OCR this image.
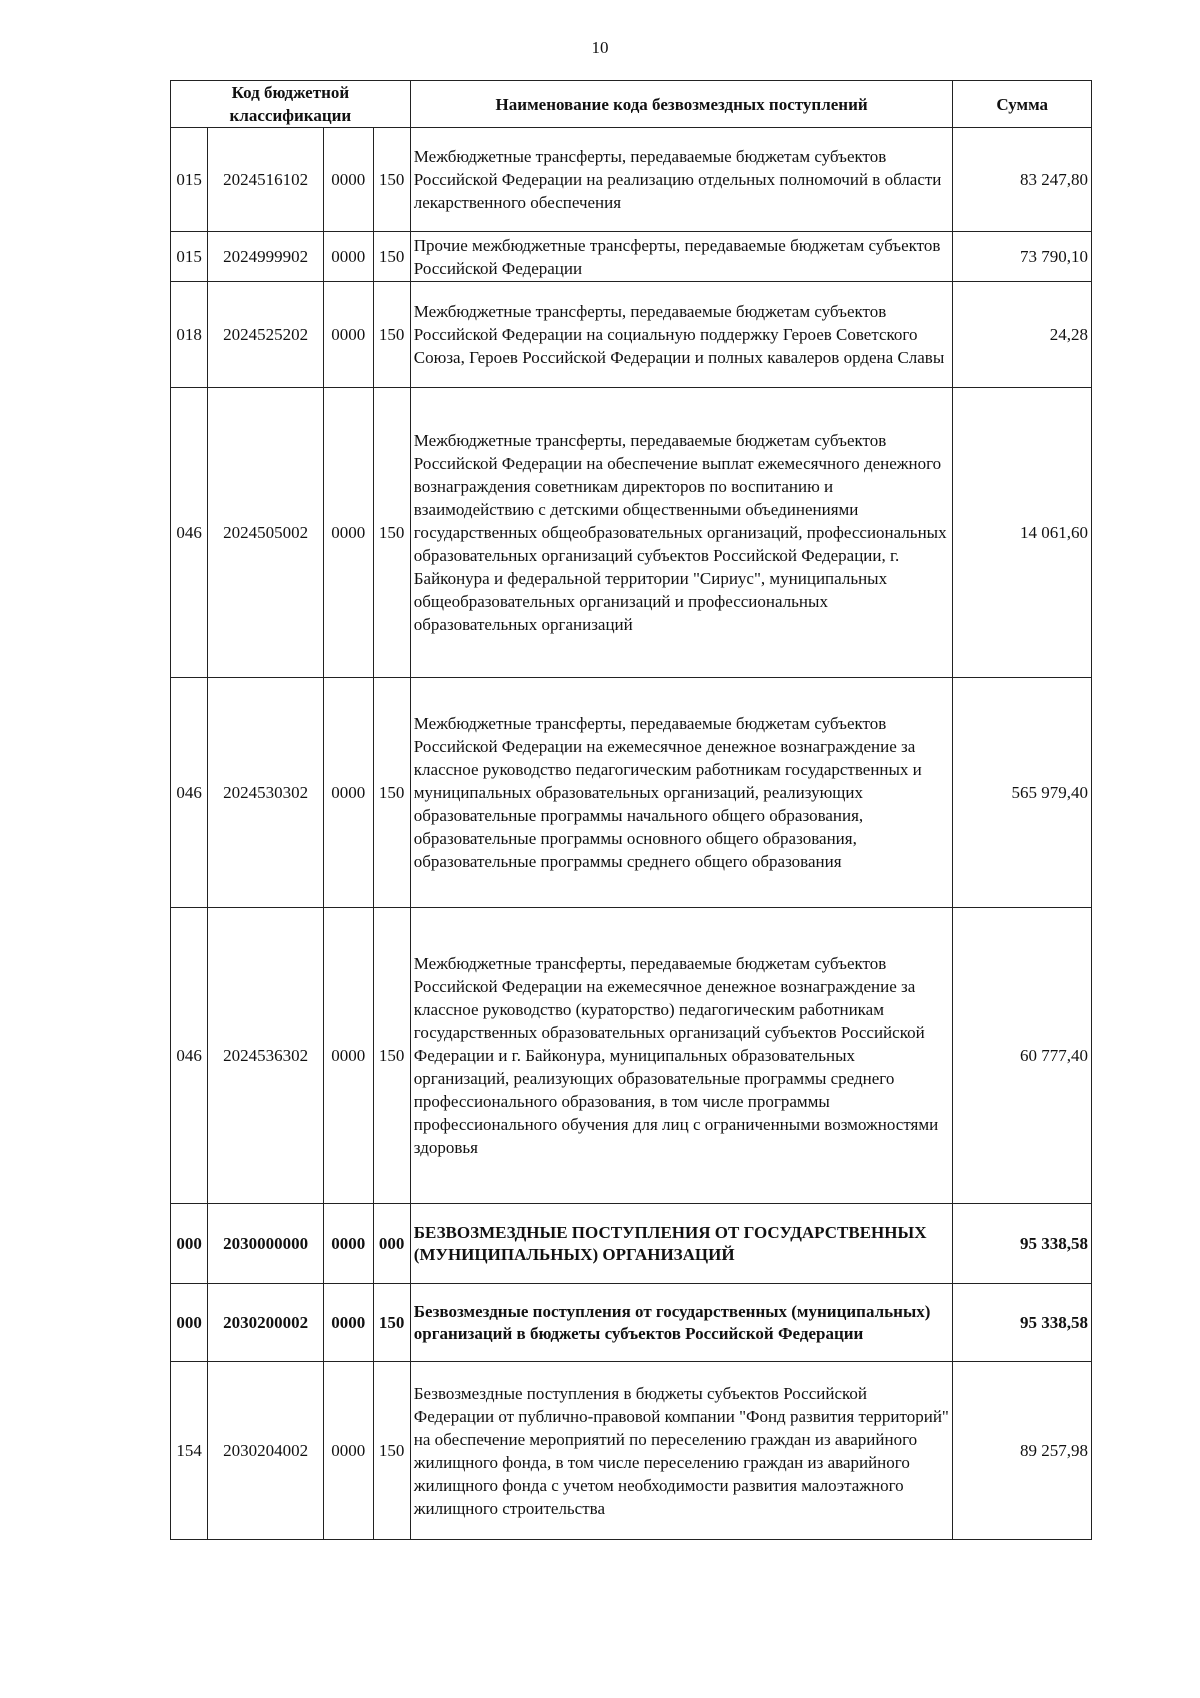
10
Код бюджетной классификации				Наименование кода безвозмездных поступлений	Сумма
015	2024516102	0000	150	Межбюджетные трансферты, передаваемые бюджетам субъектов Российской Федерации на реализацию отдельных полномочий в области лекарственного обеспечения	83 247,80
015	2024999902	0000	150	Прочие межбюджетные трансферты, передаваемые бюджетам субъектов Российской Федерации	73 790,10
018	2024525202	0000	150	Межбюджетные трансферты, передаваемые бюджетам субъектов Российской Федерации на социальную поддержку Героев Советского Союза, Героев Российской Федерации и полных кавалеров ордена Славы	24,28
046	2024505002	0000	150	Межбюджетные трансферты, передаваемые бюджетам субъектов Российской Федерации на обеспечение выплат ежемесячного денежного вознаграждения советникам директоров по воспитанию и взаимодействию с детскими общественными объединениями государственных общеобразовательных организаций, профессиональных образовательных организаций субъектов Российской Федерации, г. Байконура и федеральной территории "Сириус", муниципальных общеобразовательных организаций и профессиональных образовательных организаций	14 061,60
046	2024530302	0000	150	Межбюджетные трансферты, передаваемые бюджетам субъектов Российской Федерации на ежемесячное денежное вознаграждение за классное руководство педагогическим работникам государственных и муниципальных образовательных организаций, реализующих образовательные программы начального общего образования, образовательные программы основного общего образования, образовательные программы среднего общего образования	565 979,40
046	2024536302	0000	150	Межбюджетные трансферты, передаваемые бюджетам субъектов Российской Федерации на ежемесячное денежное вознаграждение за классное руководство (кураторство) педагогическим работникам государственных образовательных организаций субъектов Российской Федерации и г. Байконура, муниципальных образовательных организаций, реализующих образовательные программы среднего профессионального образования, в том числе программы профессионального обучения для лиц с ограниченными возможностями здоровья	60 777,40
000	2030000000	0000	000	БЕЗВОЗМЕЗДНЫЕ ПОСТУПЛЕНИЯ ОТ ГОСУДАРСТВЕННЫХ (МУНИЦИПАЛЬНЫХ) ОРГАНИЗАЦИЙ	95 338,58
000	2030200002	0000	150	Безвозмездные поступления от государственных (муниципальных) организаций в бюджеты субъектов Российской Федерации	95 338,58
154	2030204002	0000	150	Безвозмездные поступления в бюджеты субъектов Российской Федерации от публично-правовой компании "Фонд развития территорий" на обеспечение мероприятий по переселению граждан из аварийного жилищного фонда, в том числе переселению граждан из аварийного жилищного фонда с учетом необходимости развития малоэтажного жилищного строительства	89 257,98
